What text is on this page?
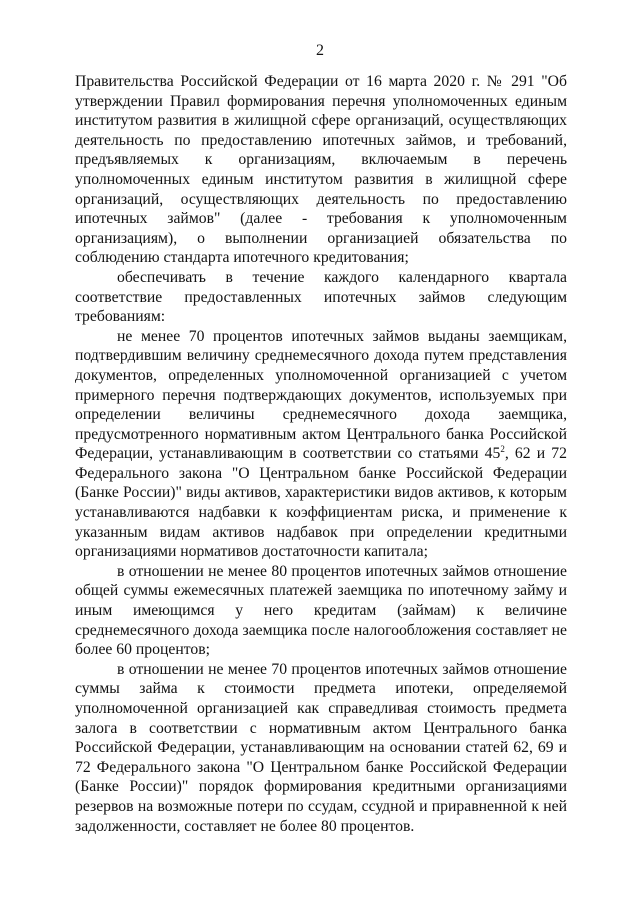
2

Правительства Российской Федерации от 16 марта 2020 г. № 291 "Об утверждении Правил формирования перечня уполномоченных единым институтом развития в жилищной сфере организаций, осуществляющих деятельность по предоставлению ипотечных займов, и требований, предъявляемых к организациям, включаемым в перечень уполномоченных единым институтом развития в жилищной сфере организаций, осуществляющих деятельность по предоставлению ипотечных займов" (далее - требования к уполномоченным организациям), о выполнении организацией обязательства по соблюдению стандарта ипотечного кредитования;

обеспечивать в течение каждого календарного квартала соответствие предоставленных ипотечных займов следующим требованиям:

не менее 70 процентов ипотечных займов выданы заемщикам, подтвердившим величину среднемесячного дохода путем представления документов, определенных уполномоченной организацией с учетом примерного перечня подтверждающих документов, используемых при определении величины среднемесячного дохода заемщика, предусмотренного нормативным актом Центрального банка Российской Федерации, устанавливающим в соответствии со статьями $45^2$, 62 и 72 Федерального закона "О Центральном банке Российской Федерации (Банке России)" виды активов, характеристики видов активов, к которым устанавливаются надбавки к коэффициентам риска, и применение к указанным видам активов надбавок при определении кредитными организациями нормативов достаточности капитала;

в отношении не менее 80 процентов ипотечных займов отношение общей суммы ежемесячных платежей заемщика по ипотечному займу и иным имеющимся у него кредитам (займам) к величине среднемесячного дохода заемщика после налогообложения составляет не более 60 процентов;

в отношении не менее 70 процентов ипотечных займов отношение суммы займа к стоимости предмета ипотеки, определяемой уполномоченной организацией как справедливая стоимость предмета залога в соответствии с нормативным актом Центрального банка Российской Федерации, устанавливающим на основании статей 62, 69 и 72 Федерального закона "О Центральном банке Российской Федерации (Банке России)" порядок формирования кредитными организациями резервов на возможные потери по ссудам, ссудной и приравненной к ней задолженности, составляет не более 80 процентов.
